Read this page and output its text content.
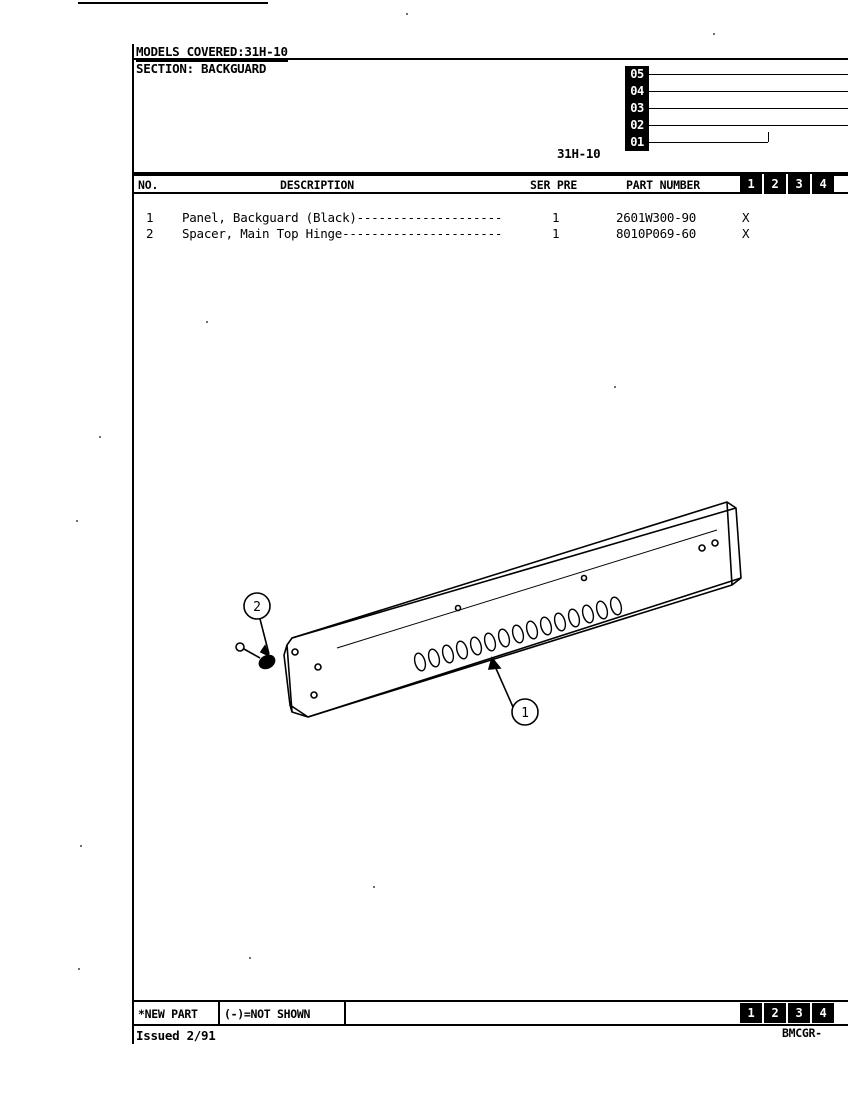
MODELS COVERED:31H-10
SECTION: BACKGUARD
31H-10
05
04
03
02
01
NO.	DESCRIPTION	SER PRE	PART NUMBER	1	2	3	4
1 Panel, Backguard (Black)--------------------	1	2601W300-90	X
2 Spacer, Main Top Hinge----------------------	1	8010P069-60	X
2
1
*NEW PART (-)=NOT SHOWN	1	2	3	4
Issued 2/91	BMCGR-
